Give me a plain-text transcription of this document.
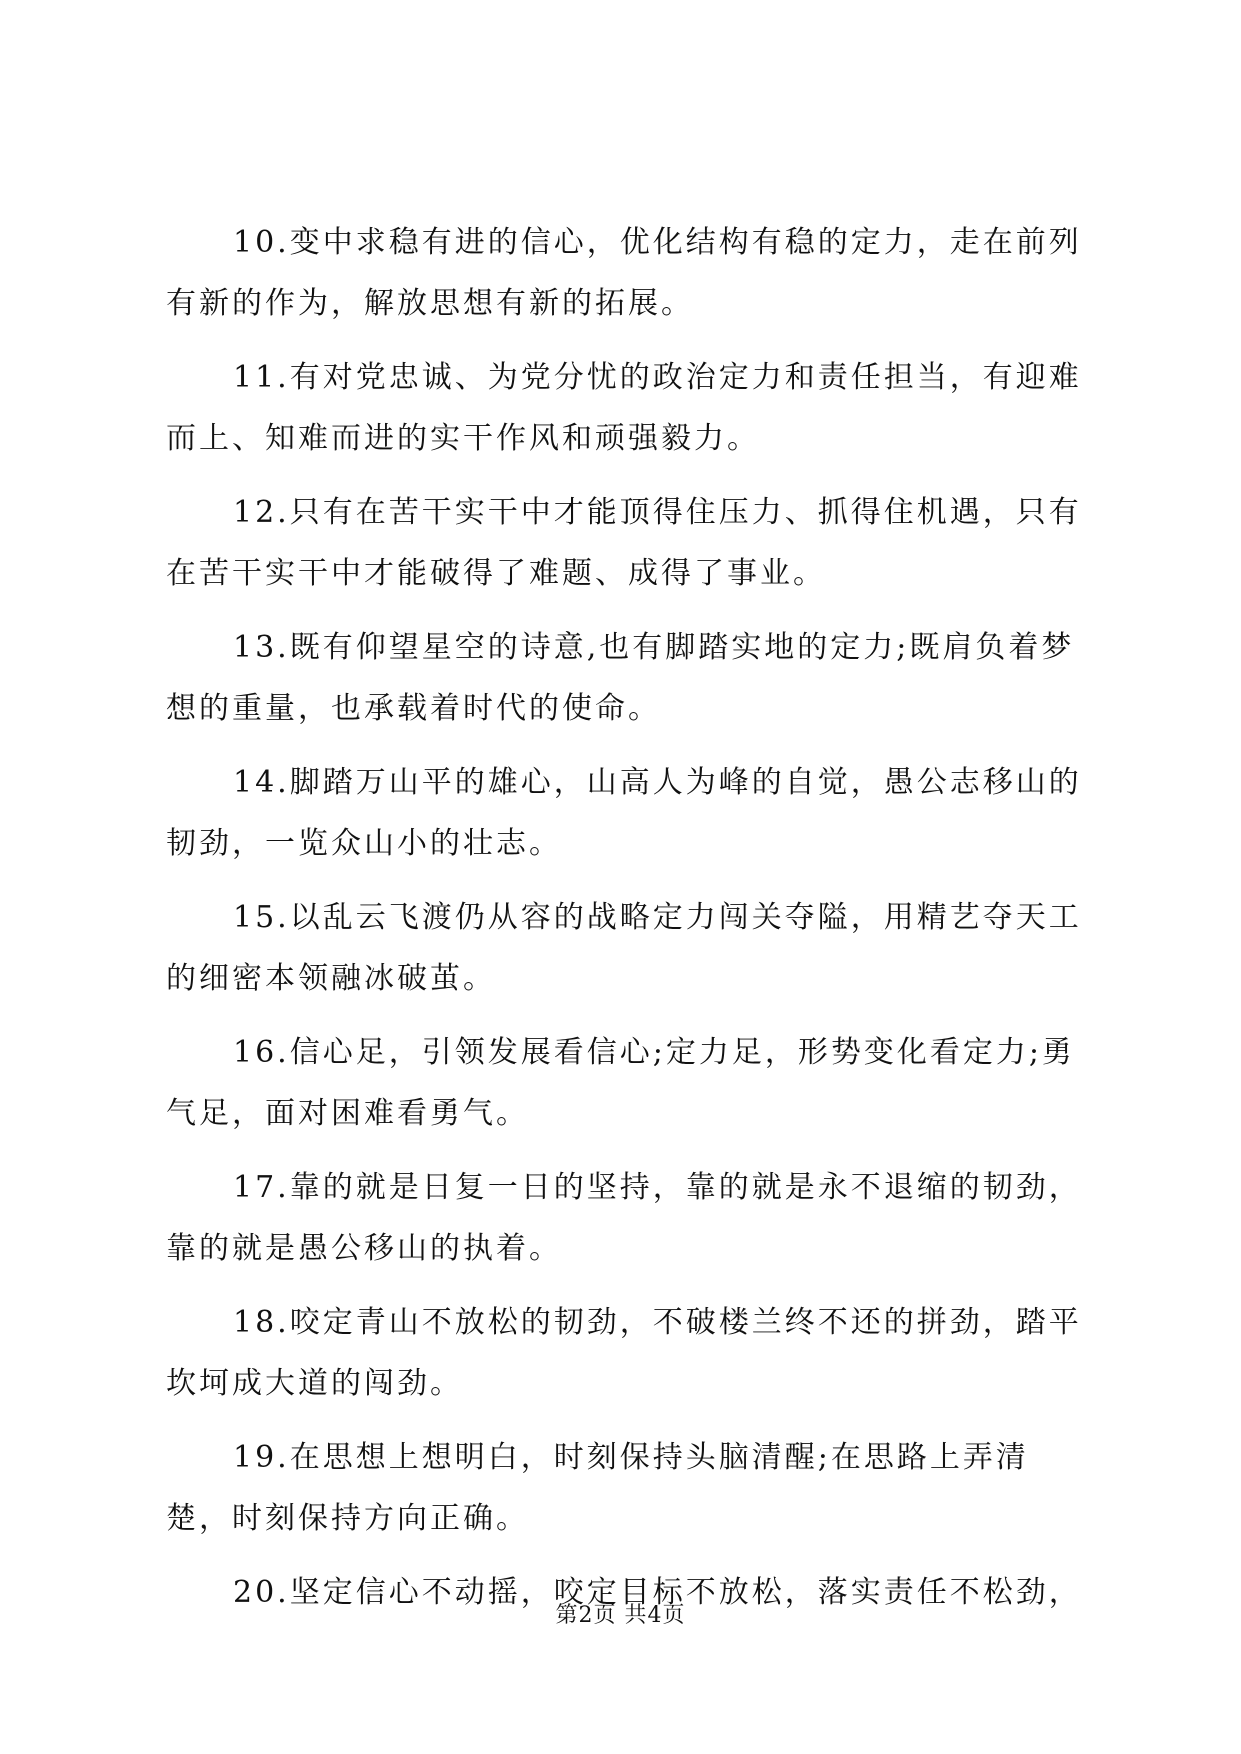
10.变中求稳有进的信心，优化结构有稳的定力，走在前列有新的作为，解放思想有新的拓展。

11.有对党忠诚、为党分忧的政治定力和责任担当，有迎难而上、知难而进的实干作风和顽强毅力。

12.只有在苦干实干中才能顶得住压力、抓得住机遇，只有在苦干实干中才能破得了难题、成得了事业。

13.既有仰望星空的诗意,也有脚踏实地的定力;既肩负着梦想的重量，也承载着时代的使命。

14.脚踏万山平的雄心，山高人为峰的自觉，愚公志移山的韧劲，一览众山小的壮志。

15.以乱云飞渡仍从容的战略定力闯关夺隘，用精艺夺天工的细密本领融冰破茧。

16.信心足，引领发展看信心;定力足，形势变化看定力;勇气足，面对困难看勇气。

17.靠的就是日复一日的坚持，靠的就是永不退缩的韧劲，靠的就是愚公移山的执着。

18.咬定青山不放松的韧劲，不破楼兰终不还的拼劲，踏平坎坷成大道的闯劲。

19.在思想上想明白，时刻保持头脑清醒;在思路上弄清楚，时刻保持方向正确。

20.坚定信心不动摇，咬定目标不放松，落实责任不松劲，

第2页 共4页
